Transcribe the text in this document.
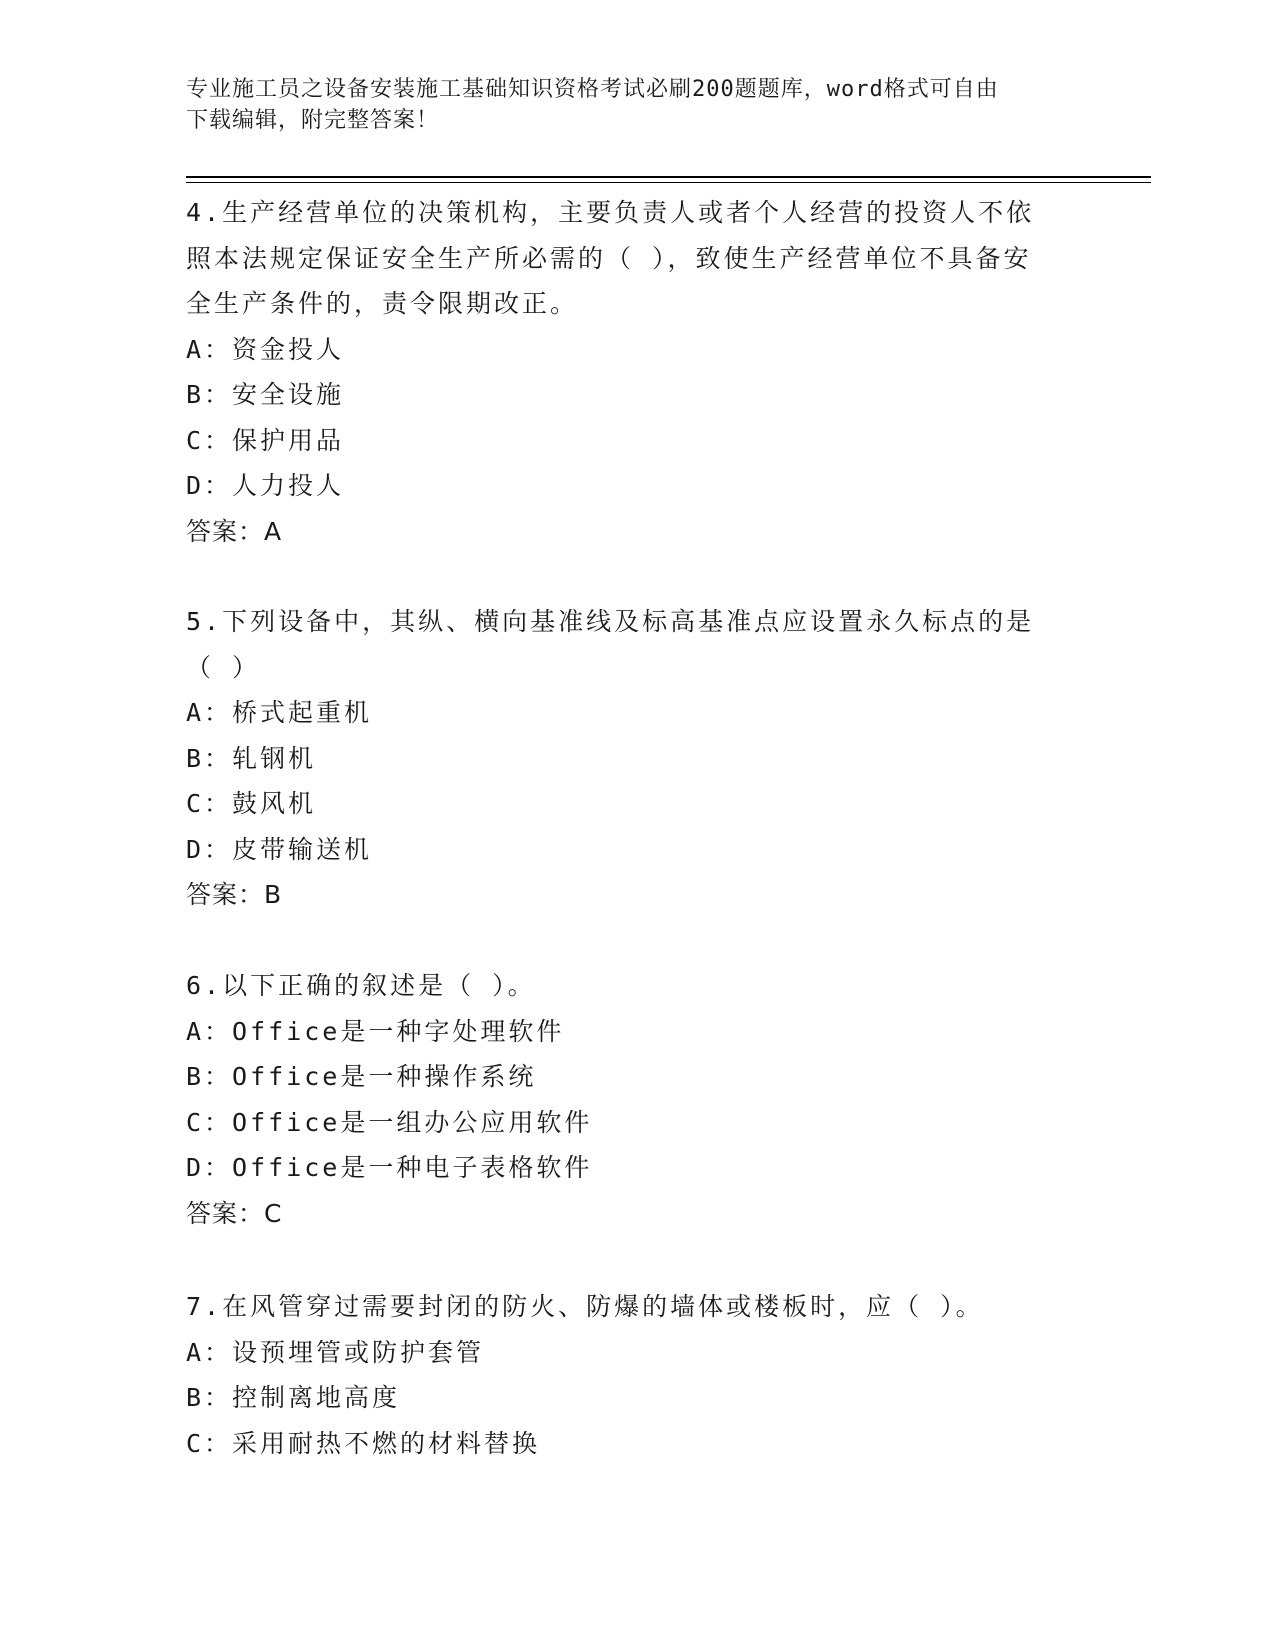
专业施工员之设备安装施工基础知识资格考试必刷200题题库，word格式可自由
下载编辑，附完整答案！

4.生产经营单位的决策机构，主要负责人或者个人经营的投资人不依

照本法规定保证安全生产所必需的（ ），致使生产经营单位不具备安

全生产条件的，责令限期改正。

A：资金投人

B：安全设施

C：保护用品

D：人力投人

答案：A

5.下列设备中，其纵、横向基准线及标高基准点应设置永久标点的是

（ ）

A：桥式起重机

B：轧钢机

C：鼓风机

D：皮带输送机

答案：B

6.以下正确的叙述是（ ）。

A：Office是一种字处理软件

B：Office是一种操作系统

C：Office是一组办公应用软件

D：Office是一种电子表格软件

答案：C

7.在风管穿过需要封闭的防火、防爆的墙体或楼板时，应（ ）。

A：设预埋管或防护套管

B：控制离地高度

C：采用耐热不燃的材料替换
